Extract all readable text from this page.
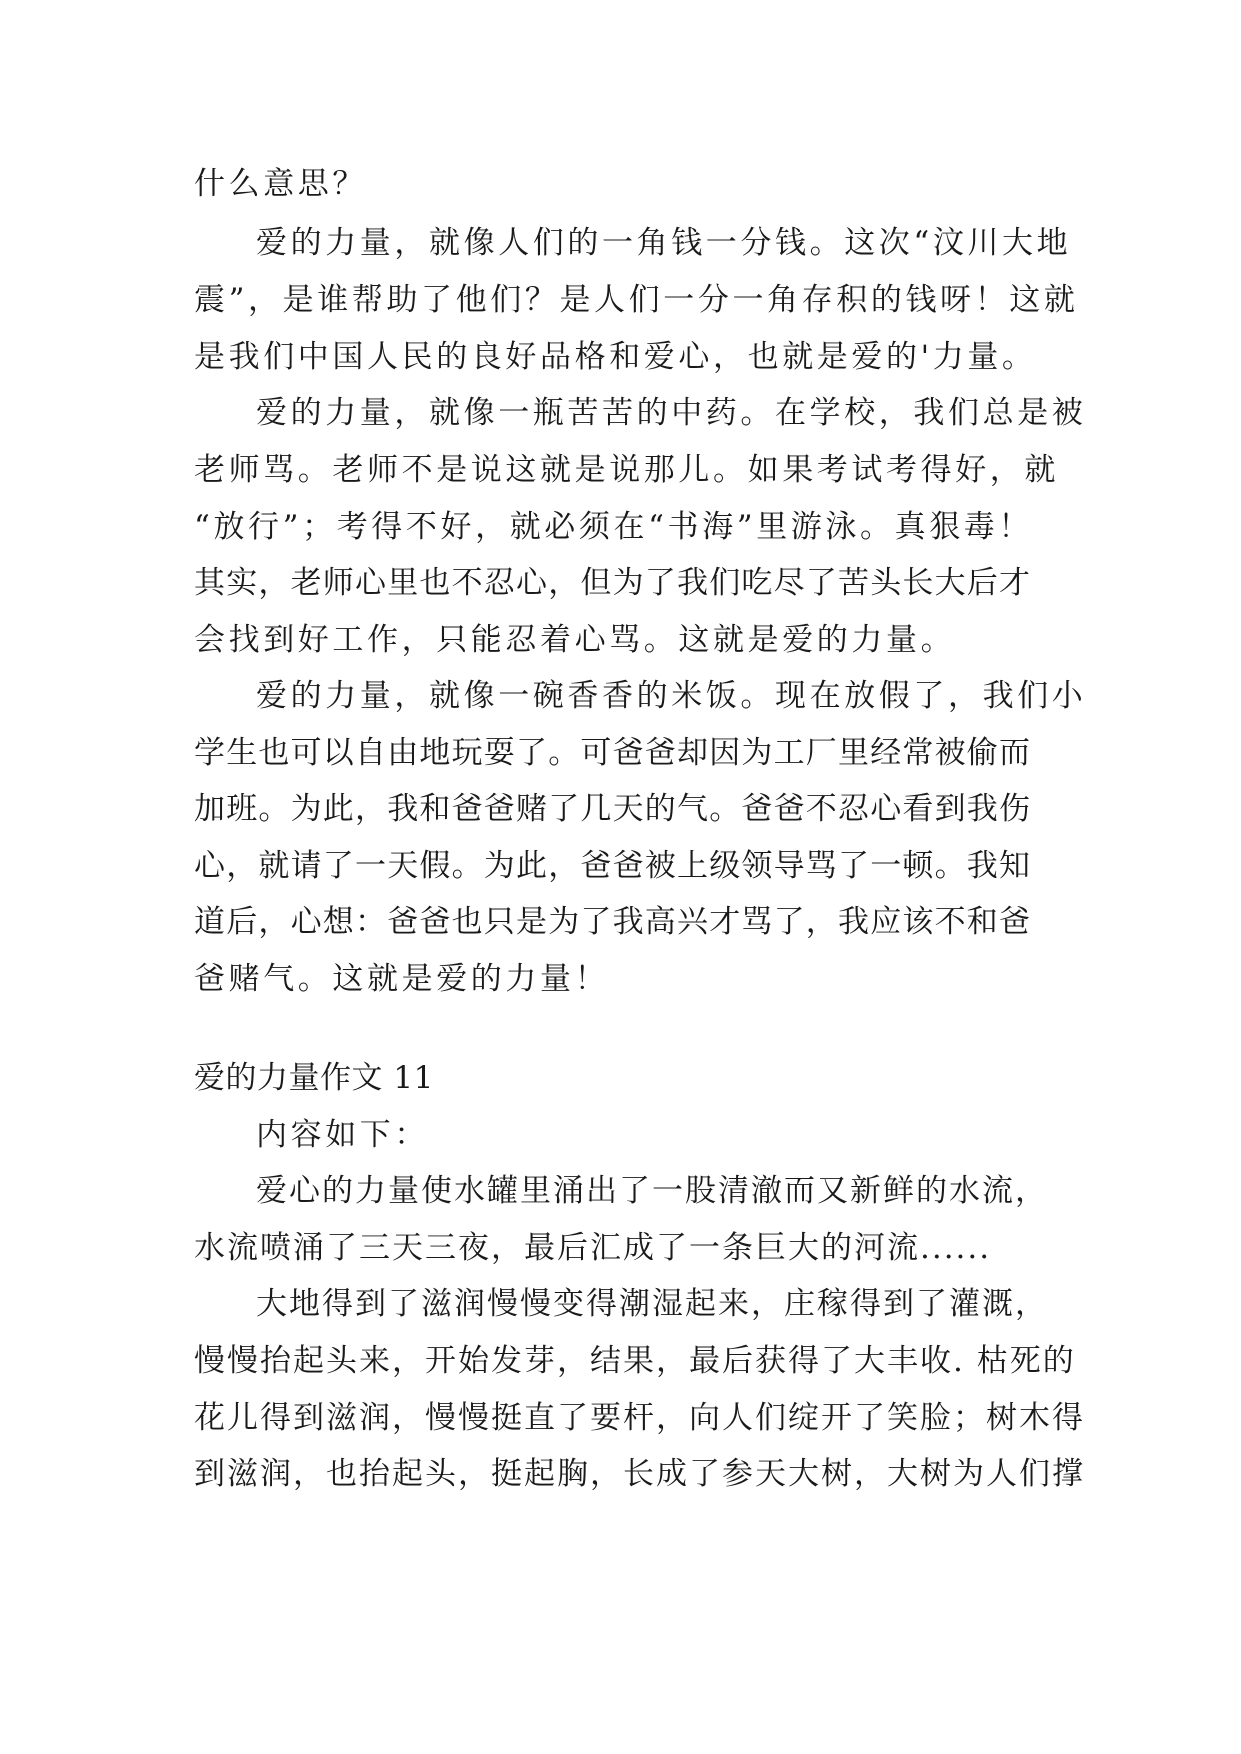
什么意思？
爱的力量，就像人们的一角钱一分钱。这次“汶川大地
震”，是谁帮助了他们？是人们一分一角存积的钱呀！这就
是我们中国人民的良好品格和爱心，也就是爱的'力量。
爱的力量，就像一瓶苦苦的中药。在学校，我们总是被
老师骂。老师不是说这就是说那儿。如果考试考得好，就
“放行”；考得不好，就必须在“书海”里游泳。真狠毒！
其实，老师心里也不忍心，但为了我们吃尽了苦头长大后才
会找到好工作，只能忍着心骂。这就是爱的力量。
爱的力量，就像一碗香香的米饭。现在放假了，我们小
学生也可以自由地玩耍了。可爸爸却因为工厂里经常被偷而
加班。为此，我和爸爸赌了几天的气。爸爸不忍心看到我伤
心，就请了一天假。为此，爸爸被上级领导骂了一顿。我知
道后，心想：爸爸也只是为了我高兴才骂了，我应该不和爸
爸赌气。这就是爱的力量！
爱的力量作文 11
内容如下：
爱心的力量使水罐里涌出了一股清澈而又新鲜的水流，
水流喷涌了三天三夜，最后汇成了一条巨大的河流......
大地得到了滋润慢慢变得潮湿起来，庄稼得到了灌溉，
慢慢抬起头来，开始发芽，结果，最后获得了大丰收. 枯死的
花儿得到滋润，慢慢挺直了要杆，向人们绽开了笑脸；树木得
到滋润，也抬起头，挺起胸，长成了参天大树，大树为人们撑
